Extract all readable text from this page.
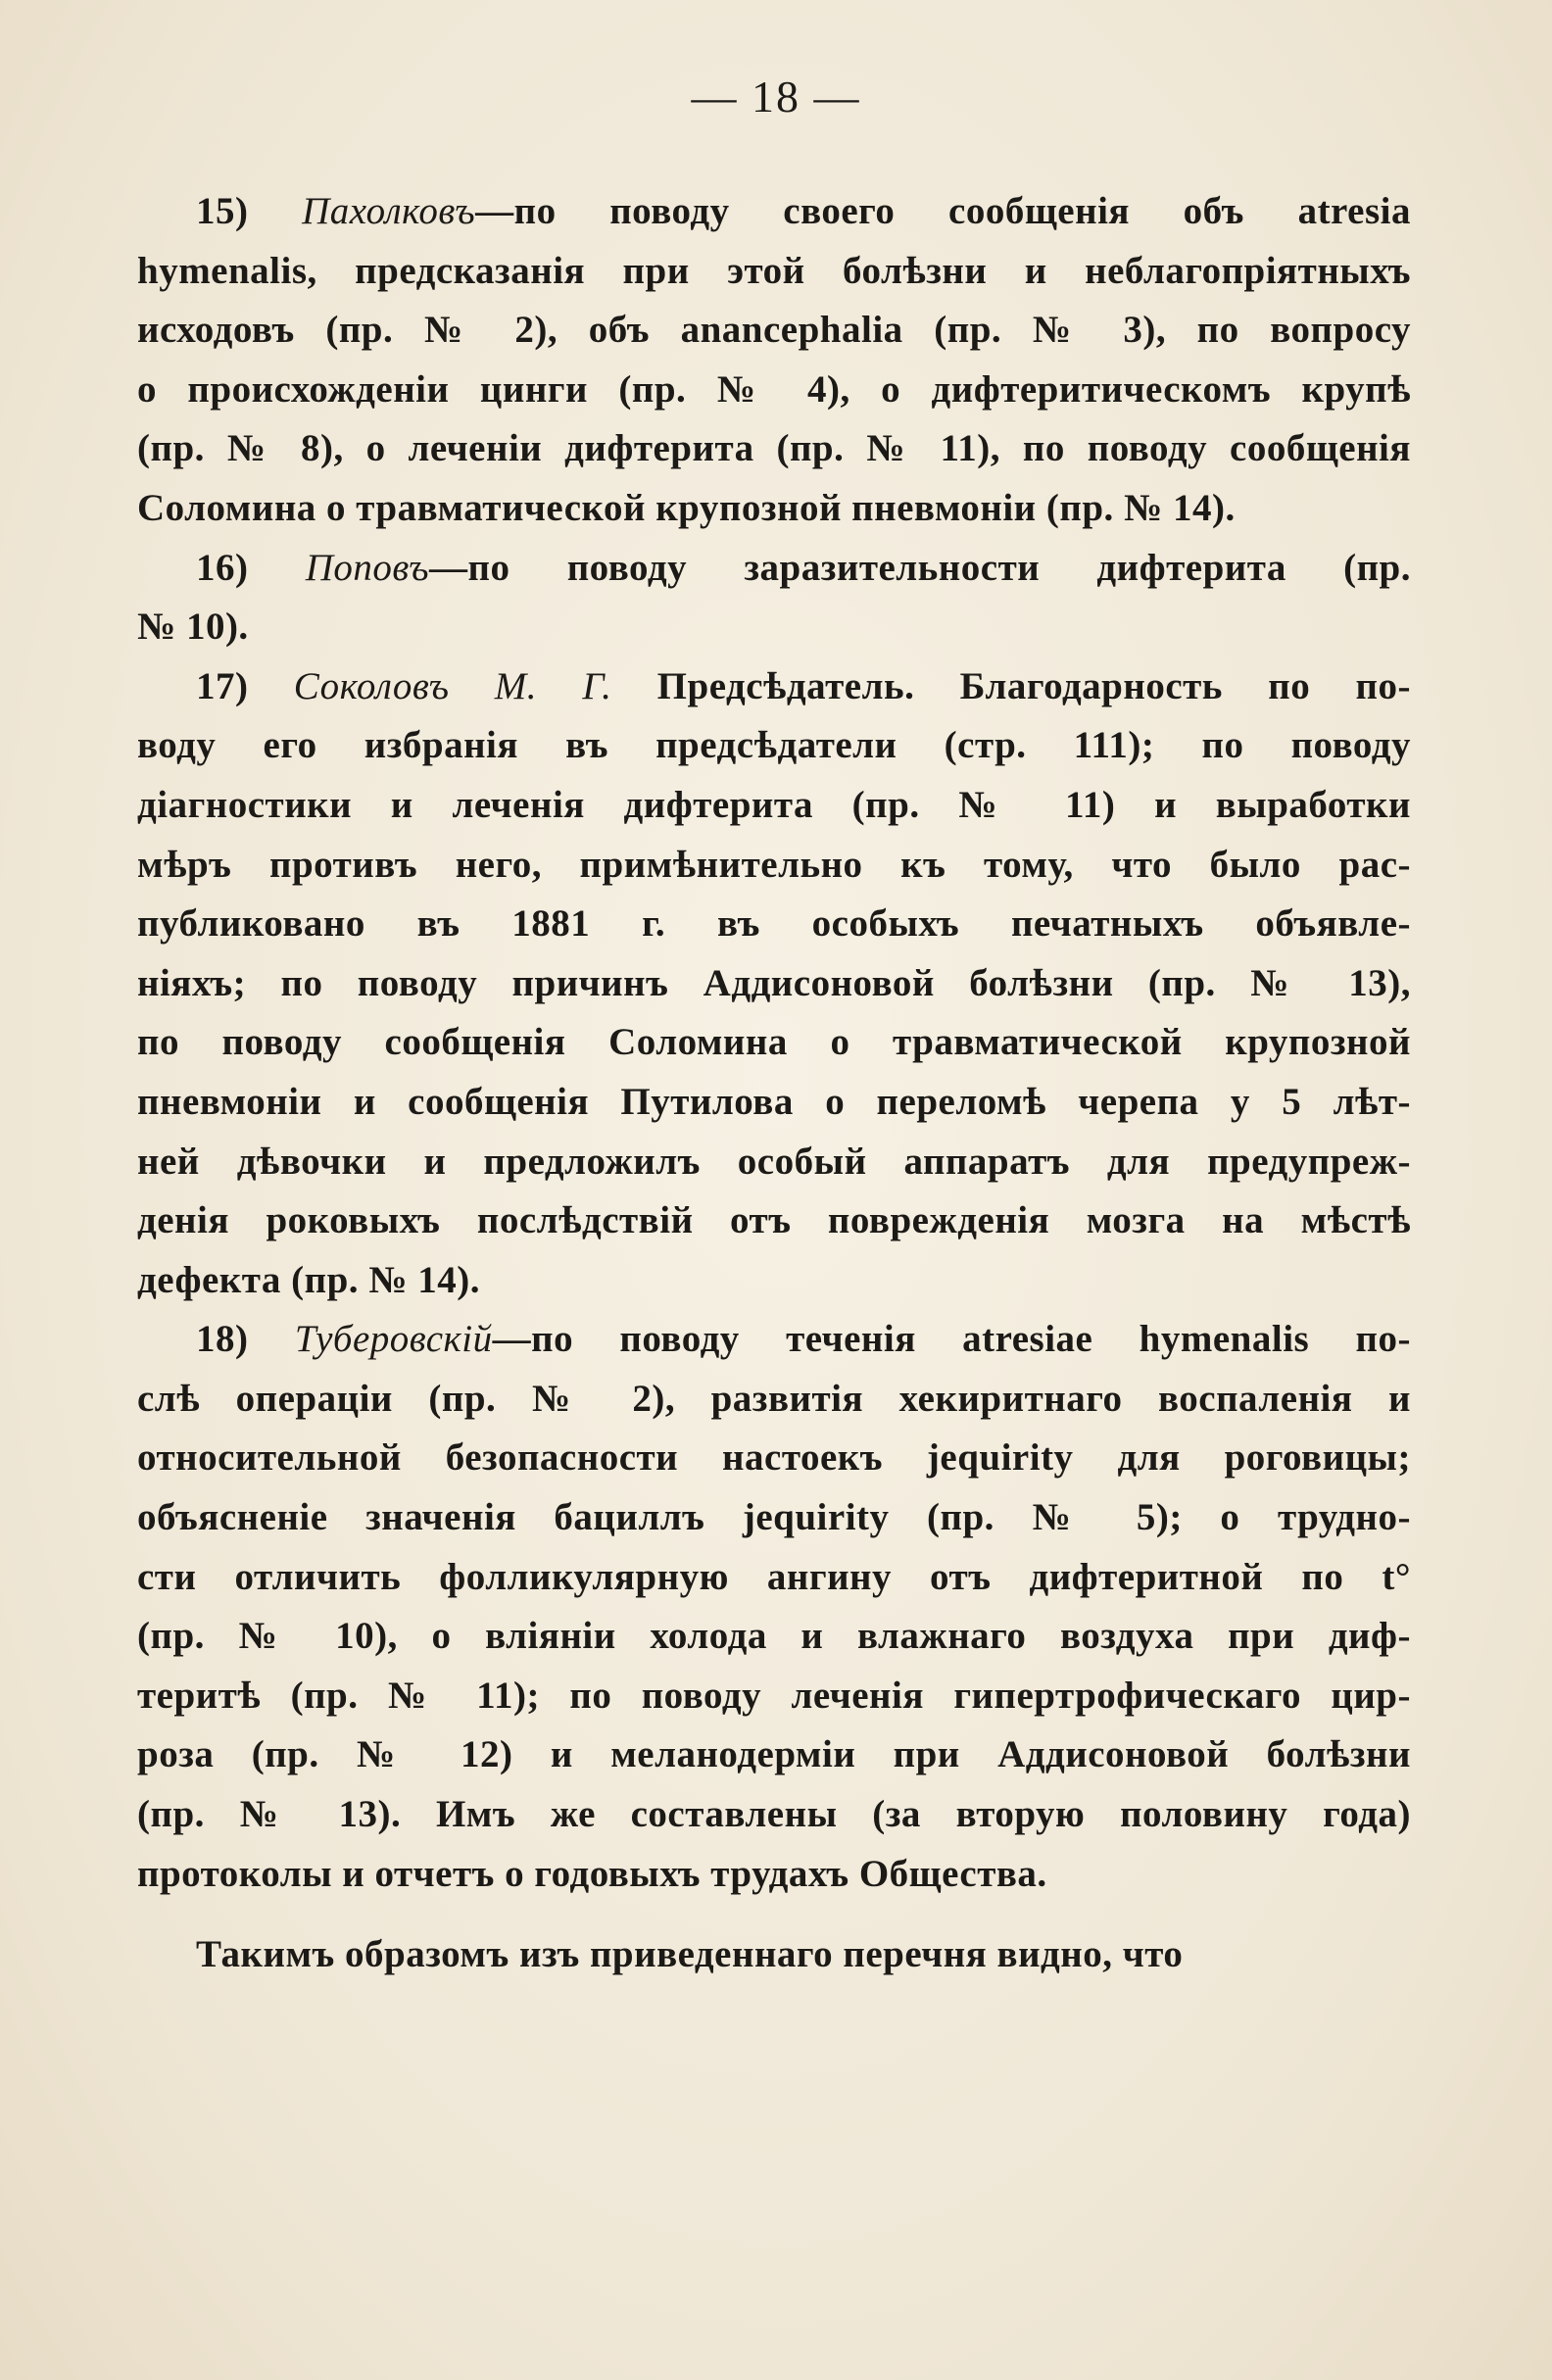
— 18 —
15) Пахолковъ—по поводу своего сообщенія объ atresia
hymenalis, предсказанія при этой болѣзни и неблагопріятныхъ
исходовъ (пр. № 2), объ anancephalia (пр. № 3), по вопросу
о происхожденіи цинги (пр. № 4), о дифтеритическомъ крупѣ
(пр. № 8), о леченіи дифтерита (пр. № 11), по поводу сообщенія
Соломина о травматической крупозной пневмоніи (пр. № 14).
16) Поповъ—по поводу заразительности дифтерита (пр.
№ 10).
17) Соколовъ М. Г. Предсѣдатель. Благодарность по по-
воду его избранія въ предсѣдатели (стр. 111); по поводу
діагностики и леченія дифтерита (пр. № 11) и выработки
мѣръ противъ него, примѣнительно къ тому, что было рас-
публиковано въ 1881 г. въ особыхъ печатныхъ объявле-
ніяхъ; по поводу причинъ Аддисоновой болѣзни (пр. № 13),
по поводу сообщенія Соломина о травматической крупозной
пневмоніи и сообщенія Путилова о переломѣ черепа у 5 лѣт-
ней дѣвочки и предложилъ особый аппаратъ для предупреж-
денія роковыхъ послѣдствій отъ поврежденія мозга на мѣстѣ
дефекта (пр. № 14).
18) Туберовскій—по поводу теченія atresiae hymenalis по-
слѣ операціи (пр. № 2), развитія хекиритнаго воспаленія и
относительной безопасности настоекъ jequirity для роговицы;
объясненіе значенія бациллъ jequirity (пр. № 5); о трудно-
сти отличить фолликулярную ангину отъ дифтеритной по t°
(пр. № 10), о вліяніи холода и влажнаго воздуха при диф-
теритѣ (пр. № 11); по поводу леченія гипертрофическаго цир-
роза (пр. № 12) и меланодерміи при Аддисоновой болѣзни
(пр. № 13). Имъ же составлены (за вторую половину года)
протоколы и отчетъ о годовыхъ трудахъ Общества.
Такимъ образомъ изъ приведеннаго перечня видно, что
